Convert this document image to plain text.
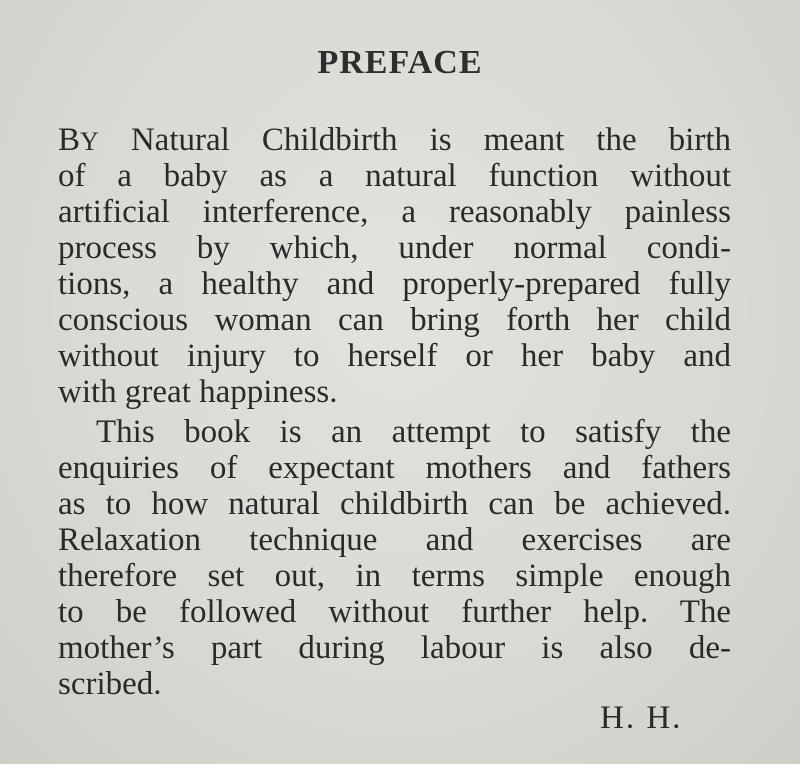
PREFACE

BY Natural Childbirth is meant the birth

of a baby as a natural function without

artificial interference, a reasonably painless

process by which, under normal condi-

tions, a healthy and properly-prepared fully

conscious woman can bring forth her child

without injury to herself or her baby and

with great happiness.

This book is an attempt to satisfy the

enquiries of expectant mothers and fathers

as to how natural childbirth can be achieved.

Relaxation technique and exercises are

therefore set out, in terms simple enough

to be followed without further help. The

mother’s part during labour is also de-

scribed.

H. H.
